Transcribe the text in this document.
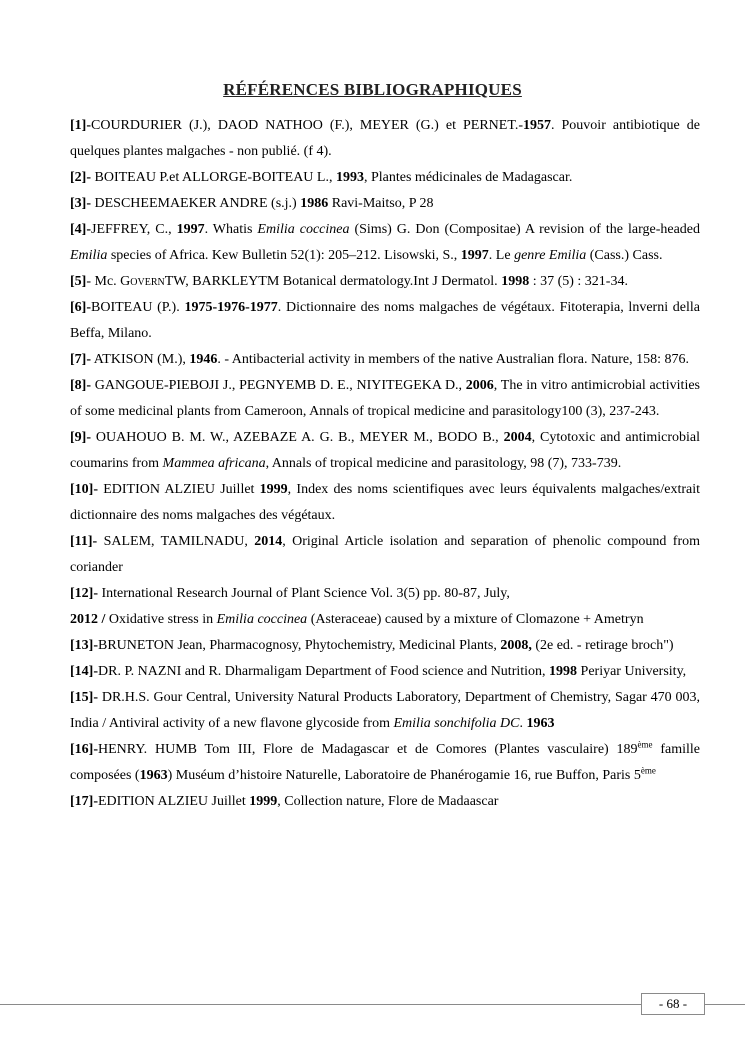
RÉFÉRENCES BIBLIOGRAPHIQUES

[1]-COURDURIER (J.), DAOD NATHOO (F.), MEYER (G.) et PERNET.-1957. Pouvoir antibiotique de quelques plantes malgaches - non publié. (f 4).

[2]- BOITEAU P.et ALLORGE-BOITEAU L., 1993, Plantes médicinales de Madagascar.

[3]- DESCHEEMAEKER ANDRE (s.j.) 1986 Ravi-Maitso, P 28

[4]-JEFFREY, C., 1997. Whatis Emilia coccinea (Sims) G. Don (Compositae) A revision of the large-headed Emilia species of Africa. Kew Bulletin 52(1): 205–212. Lisowski, S., 1997. Le genre Emilia (Cass.) Cass.

[5]- Mc. GovernTW, BARKLEYTM Botanical dermatology.Int J Dermatol. 1998 : 37 (5) : 321-34.

[6]-BOITEAU (P.). 1975-1976-1977. Dictionnaire des noms malgaches de végétaux. Fitoterapia, lnverni della Beffa, Milano.

[7]- ATKISON (M.), 1946. - Antibacterial activity in members of the native Australian flora. Nature, 158: 876.

[8]- GANGOUE-PIEBOJI J., PEGNYEMB D. E., NIYITEGEKA D., 2006, The in vitro antimicrobial activities of some medicinal plants from Cameroon, Annals of tropical medicine and parasitology100 (3), 237-243.

[9]- OUAHOUO B. M. W., AZEBAZE A. G. B., MEYER M., BODO B., 2004, Cytotoxic and antimicrobial coumarins from Mammea africana, Annals of tropical medicine and parasitology, 98 (7), 733-739.

[10]- EDITION ALZIEU Juillet 1999, Index des noms scientifiques avec leurs équivalents malgaches/extrait dictionnaire des noms malgaches des végétaux.

[11]- SALEM, TAMILNADU, 2014, Original Article isolation and separation of phenolic compound from coriander

[12]- International Research Journal of Plant Science Vol. 3(5) pp. 80-87, July,
2012 / Oxidative stress in Emilia coccinea (Asteraceae) caused by a mixture of Clomazone + Ametryn

[13]-BRUNETON Jean, Pharmacognosy, Phytochemistry, Medicinal Plants, 2008, (2e ed. - retirage broch")

[14]-DR. P. NAZNI and R. Dharmaligam Department of Food science and Nutrition, 1998 Periyar University,

[15]- DR.H.S. Gour Central, University Natural Products Laboratory, Department of Chemistry, Sagar 470 003, India / Antiviral activity of a new flavone glycoside from Emilia sonchifolia DC. 1963

[16]-HENRY. HUMB Tom III, Flore de Madagascar et de Comores (Plantes vasculaire) 189ème famille composées (1963) Muséum d’histoire Naturelle, Laboratoire de Phanérogamie 16, rue Buffon, Paris 5ème

[17]-EDITION ALZIEU Juillet 1999, Collection nature, Flore de Madaascar

- 68 -
